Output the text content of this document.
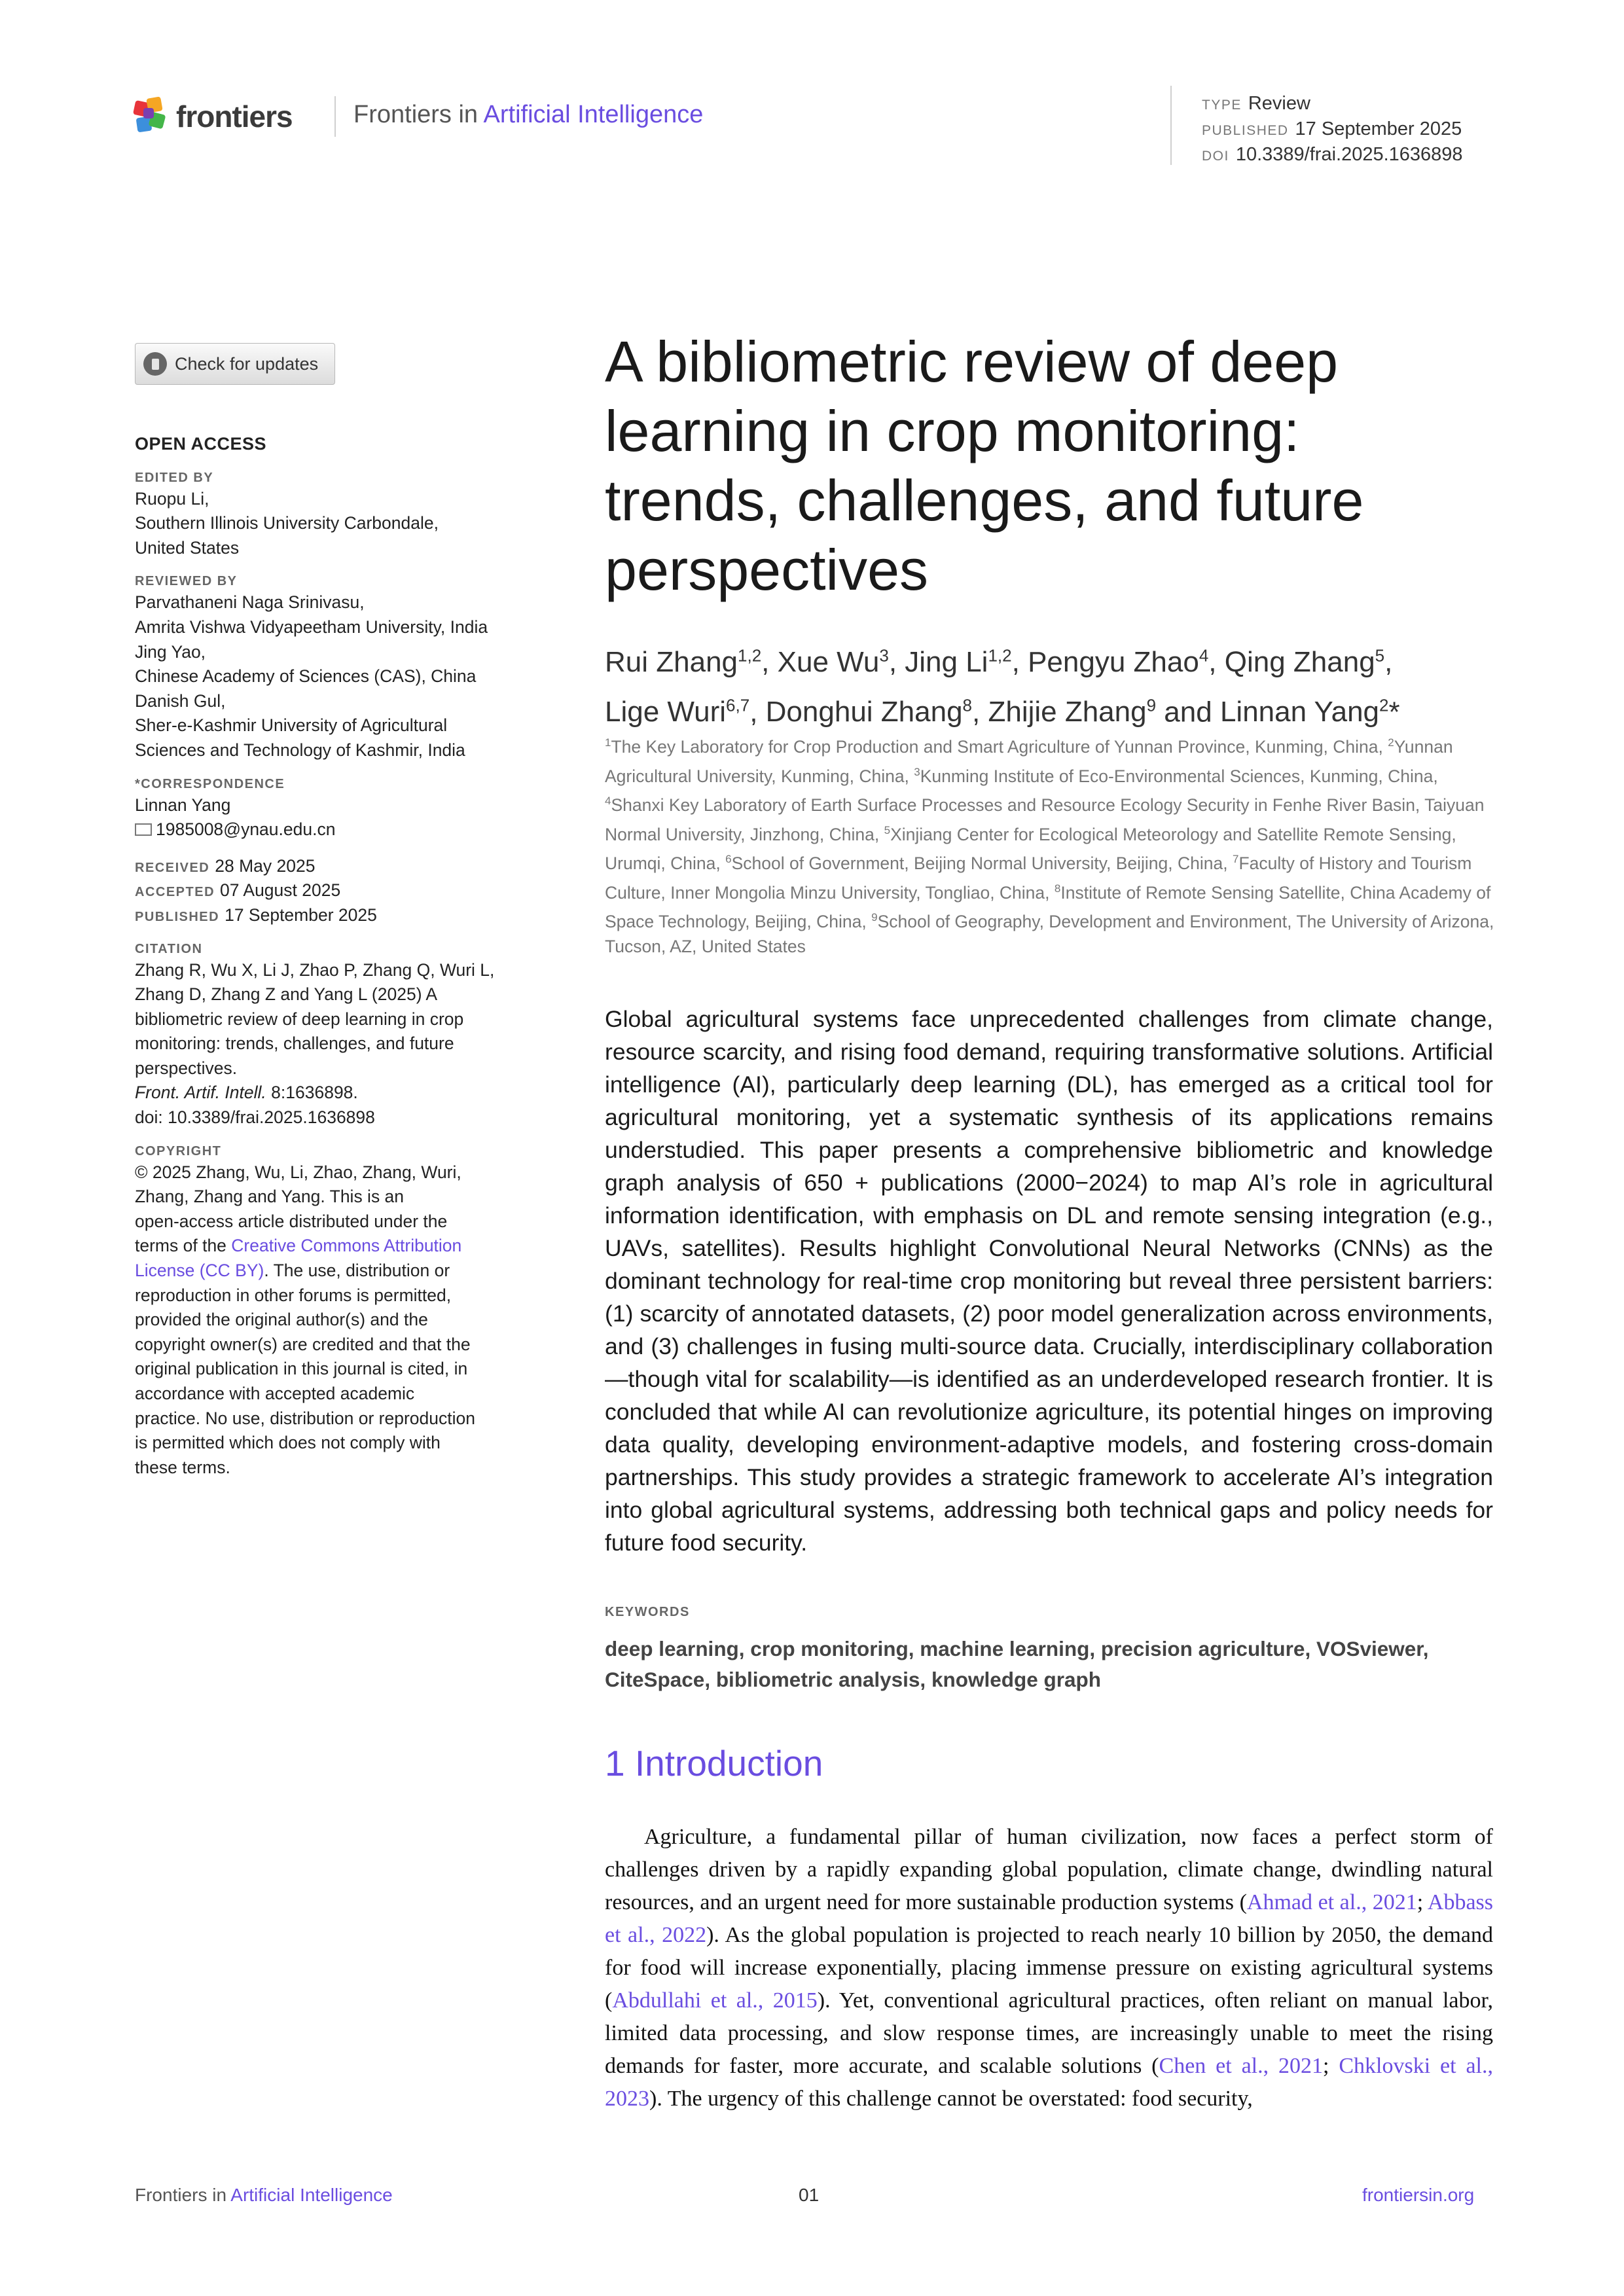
frontiers Frontiers in Artificial Intelligence	TYPE Review
PUBLISHED 17 September 2025
DOI 10.3389/frai.2025.1636898
Check for updates
OPEN ACCESS
EDITED BY
Ruopu Li,
Southern Illinois University Carbondale,
United States
REVIEWED BY
Parvathaneni Naga Srinivasu,
Amrita Vishwa Vidyapeetham University, India
Jing Yao,
Chinese Academy of Sciences (CAS), China
Danish Gul,
Sher-e-Kashmir University of Agricultural
Sciences and Technology of Kashmir, India
*CORRESPONDENCE
Linnan Yang
1985008@ynau.edu.cn
RECEIVED 28 May 2025
ACCEPTED 07 August 2025
PUBLISHED 17 September 2025
CITATION
Zhang R, Wu X, Li J, Zhao P, Zhang Q, Wuri L,
Zhang D, Zhang Z and Yang L (2025) A
bibliometric review of deep learning in crop
monitoring: trends, challenges, and future
perspectives.
Front. Artif. Intell. 8:1636898.
doi: 10.3389/frai.2025.1636898
COPYRIGHT
© 2025 Zhang, Wu, Li, Zhao, Zhang, Wuri,
Zhang, Zhang and Yang. This is an
open-access article distributed under the
terms of the Creative Commons Attribution
License (CC BY). The use, distribution or
reproduction in other forums is permitted,
provided the original author(s) and the
copyright owner(s) are credited and that the
original publication in this journal is cited, in
accordance with accepted academic
practice. No use, distribution or reproduction
is permitted which does not comply with
these terms.
A bibliometric review of deep
learning in crop monitoring:
trends, challenges, and future
perspectives
Rui Zhang$^{1,2}$, Xue Wu$^3$, Jing Li$^{1,2}$, Pengyu Zhao$^4$, Qing Zhang$^5$,
Lige Wuri$^{6,7}$, Donghui Zhang$^8$, Zhijie Zhang$^9$ and Linnan Yang$^2$*
$^1$The Key Laboratory for Crop Production and Smart Agriculture of Yunnan Province, Kunming, China, $^2$Yunnan Agricultural University, Kunming, China, $^3$Kunming Institute of Eco-Environmental Sciences, Kunming, China, $^4$Shanxi Key Laboratory of Earth Surface Processes and Resource Ecology Security in Fenhe River Basin, Taiyuan Normal University, Jinzhong, China, $^5$Xinjiang Center for Ecological Meteorology and Satellite Remote Sensing, Urumqi, China, $^6$School of Government, Beijing Normal University, Beijing, China, $^7$Faculty of History and Tourism Culture, Inner Mongolia Minzu University, Tongliao, China, $^8$Institute of Remote Sensing Satellite, China Academy of Space Technology, Beijing, China, $^9$School of Geography, Development and Environment, The University of Arizona, Tucson, AZ, United States
Global agricultural systems face unprecedented challenges from climate change, resource scarcity, and rising food demand, requiring transformative solutions. Artificial intelligence (AI), particularly deep learning (DL), has emerged as a critical tool for agricultural monitoring, yet a systematic synthesis of its applications remains understudied. This paper presents a comprehensive bibliometric and knowledge graph analysis of 650 + publications (2000−2024) to map AI’s role in agricultural information identification, with emphasis on DL and remote sensing integration (e.g., UAVs, satellites). Results highlight Convolutional Neural Networks (CNNs) as the dominant technology for real-time crop monitoring but reveal three persistent barriers: (1) scarcity of annotated datasets, (2) poor model generalization across environments, and (3) challenges in fusing multi-source data. Crucially, interdisciplinary collaboration—though vital for scalability—is identified as an underdeveloped research frontier. It is concluded that while AI can revolutionize agriculture, its potential hinges on improving data quality, developing environment-adaptive models, and fostering cross-domain partnerships. This study provides a strategic framework to accelerate AI’s integration into global agricultural systems, addressing both technical gaps and policy needs for future food security.
KEYWORDS
deep learning, crop monitoring, machine learning, precision agriculture, VOSviewer, CiteSpace, bibliometric analysis, knowledge graph
1 Introduction

Agriculture, a fundamental pillar of human civilization, now faces a perfect storm of challenges driven by a rapidly expanding global population, climate change, dwindling natural resources, and an urgent need for more sustainable production systems (Ahmad et al., 2021; Abbass et al., 2022). As the global population is projected to reach nearly 10 billion by 2050, the demand for food will increase exponentially, placing immense pressure on existing agricultural systems (Abdullahi et al., 2015). Yet, conventional agricultural practices, often reliant on manual labor, limited data processing, and slow response times, are increasingly unable to meet the rising demands for faster, more accurate, and scalable solutions (Chen et al., 2021; Chklovski et al., 2023). The urgency of this challenge cannot be overstated: food security,

Frontiers in Artificial Intelligence	01	frontiersin.org
